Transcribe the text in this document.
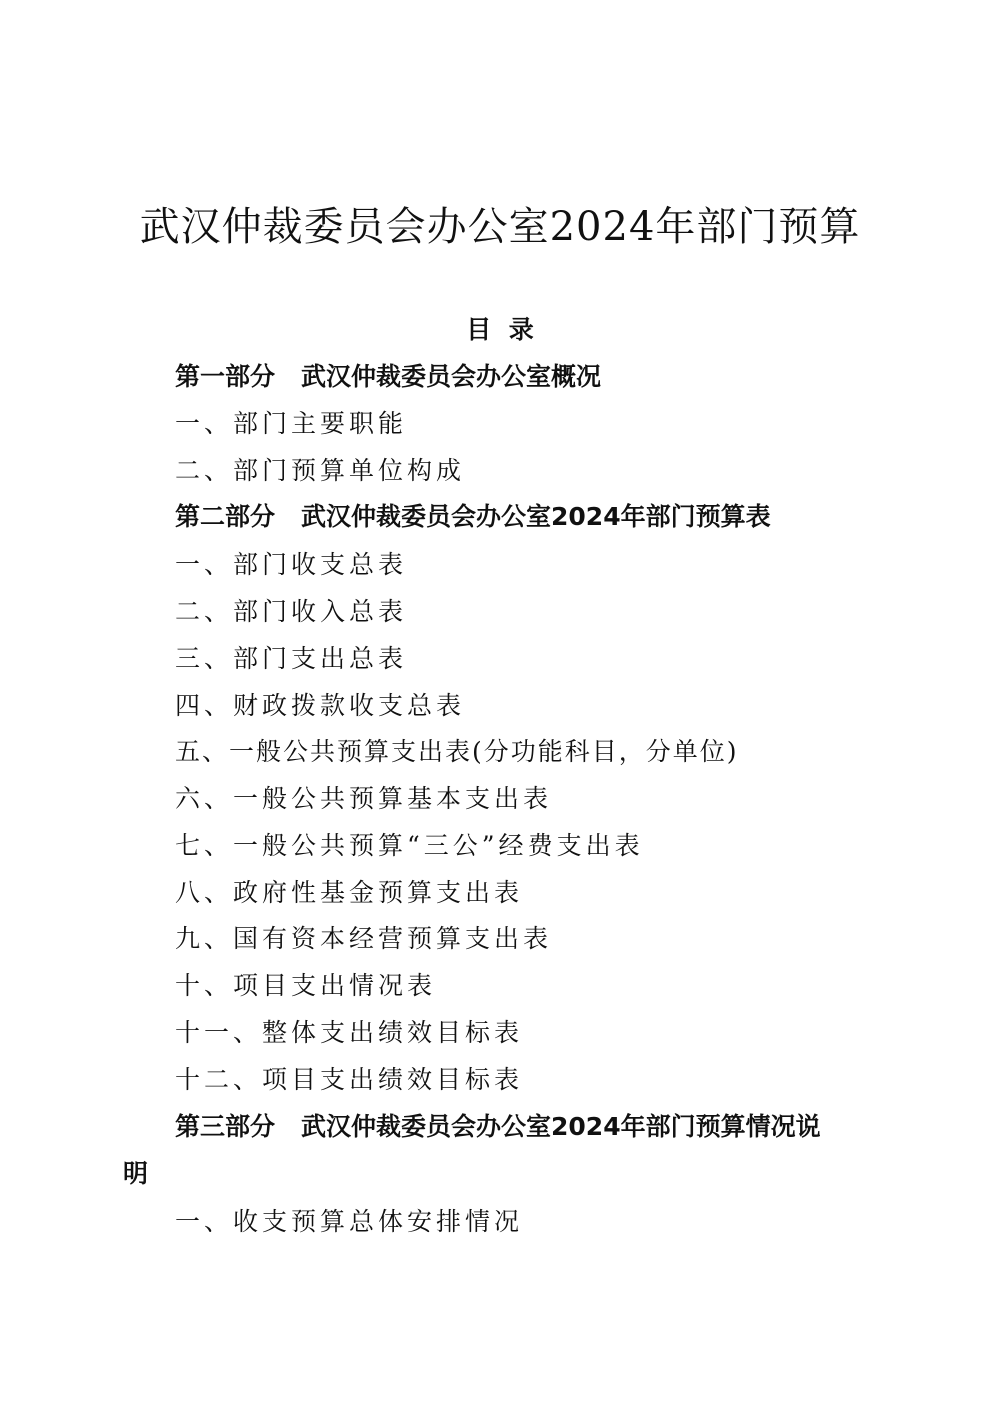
武汉仲裁委员会办公室2024年部门预算
目  录
第一部分 武汉仲裁委员会办公室概况
一、部门主要职能
二、部门预算单位构成
第二部分 武汉仲裁委员会办公室2024年部门预算表
一、部门收支总表
二、部门收入总表
三、部门支出总表
四、财政拨款收支总表
五、一般公共预算支出表(分功能科目，分单位)
六、一般公共预算基本支出表
七、一般公共预算“三公”经费支出表
八、政府性基金预算支出表
九、国有资本经营预算支出表
十、项目支出情况表
十一、整体支出绩效目标表
十二、项目支出绩效目标表
第三部分 武汉仲裁委员会办公室2024年部门预算情况说
明
一、收支预算总体安排情况
